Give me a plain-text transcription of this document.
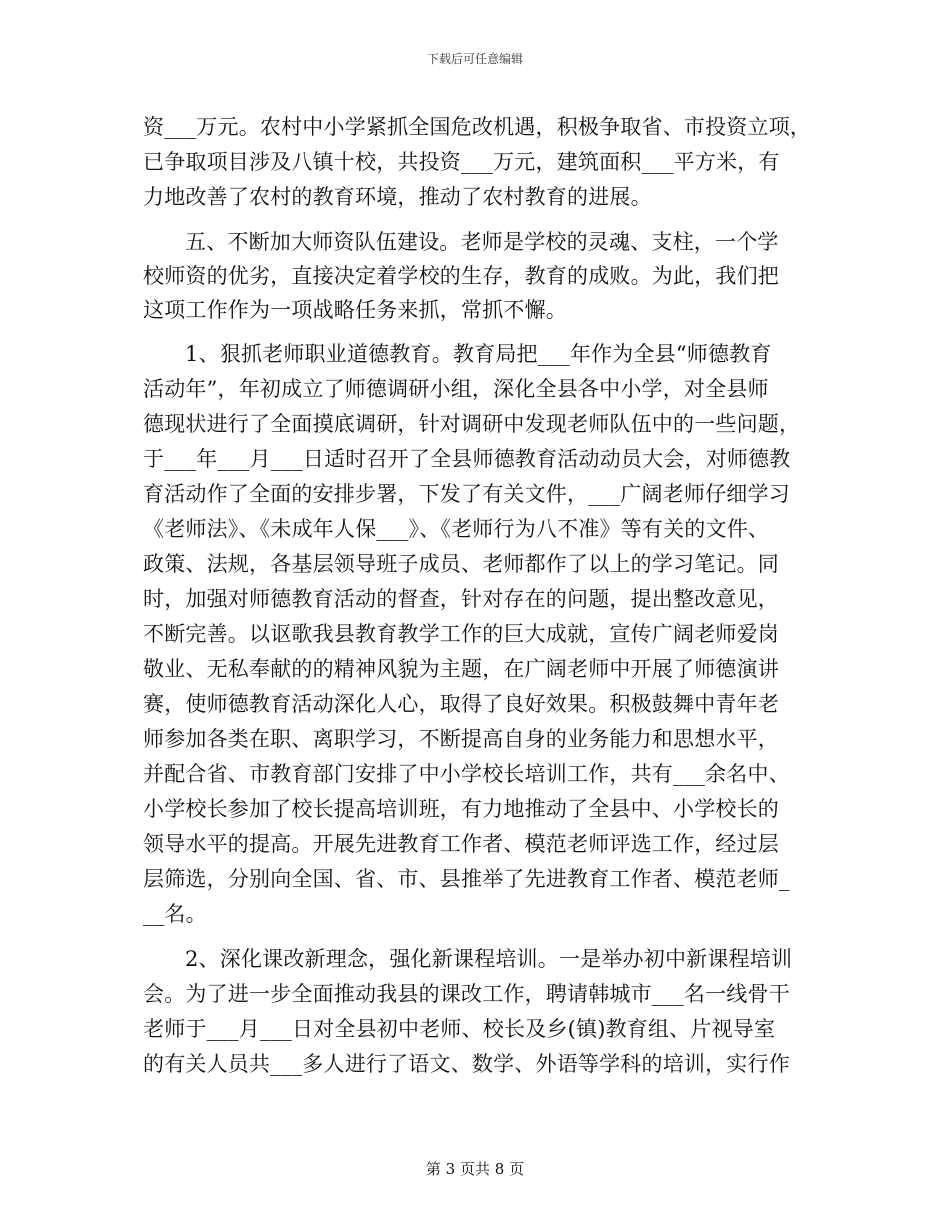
下载后可任意编辑
资___万元。农村中小学紧抓全国危改机遇，积极争取省、市投资立项，
已争取项目涉及八镇十校，共投资___万元，建筑面积___平方米，有
力地改善了农村的教育环境，推动了农村教育的进展。
五、不断加大师资队伍建设。老师是学校的灵魂、支柱，一个学
校师资的优劣，直接决定着学校的生存，教育的成败。为此，我们把
这项工作作为一项战略任务来抓，常抓不懈。
1、狠抓老师职业道德教育。教育局把___年作为全县“师德教育
活动年”，年初成立了师德调研小组，深化全县各中小学，对全县师
德现状进行了全面摸底调研，针对调研中发现老师队伍中的一些问题，
于___年___月___日适时召开了全县师德教育活动动员大会，对师德教
育活动作了全面的安排步署，下发了有关文件，___广阔老师仔细学习
《老师法》、《未成年人保___》、《老师行为八不准》等有关的文件、
政策、法规，各基层领导班子成员、老师都作了以上的学习笔记。同
时，加强对师德教育活动的督查，针对存在的问题，提出整改意见，
不断完善。以讴歌我县教育教学工作的巨大成就，宣传广阔老师爱岗
敬业、无私奉献的的精神风貌为主题，在广阔老师中开展了师德演讲
赛，使师德教育活动深化人心，取得了良好效果。积极鼓舞中青年老
师参加各类在职、离职学习，不断提高自身的业务能力和思想水平，
并配合省、市教育部门安排了中小学校长培训工作，共有___余名中、
小学校长参加了校长提高培训班，有力地推动了全县中、小学校长的
领导水平的提高。开展先进教育工作者、模范老师评选工作，经过层
层筛选，分别向全国、省、市、县推举了先进教育工作者、模范老师_
__名。
2、深化课改新理念，强化新课程培训。一是举办初中新课程培训
会。为了进一步全面推动我县的课改工作，聘请韩城市___名一线骨干
老师于___月___日对全县初中老师、校长及乡(镇)教育组、片视导室
的有关人员共___多人进行了语文、数学、外语等学科的培训，实行作
第 3 页共 8 页
